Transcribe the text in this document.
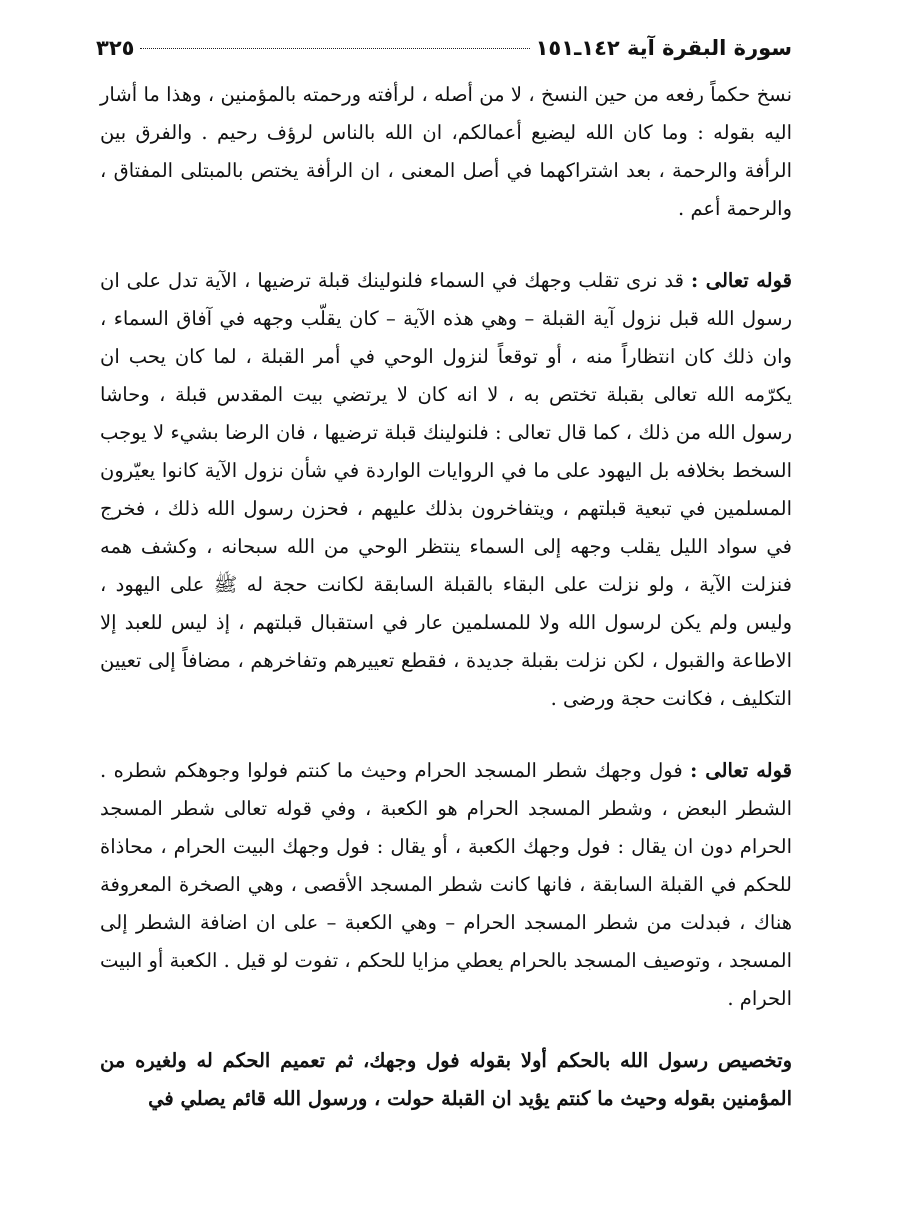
سورة البقرة آية ١٤٢ـ١٥١
٣٢٥

نسخ حكماً رفعه من حين النسخ ، لا من أصله ، لرأفته ورحمته بالمؤمنين ، وهذا ما أشار اليه بقوله : وما كان الله ليضيع أعمالكم، ان الله بالناس لرؤف رحيم . والفرق بين الرأفة والرحمة ، بعد اشتراكهما في أصل المعنى ، ان الرأفة يختص بالمبتلى المفتاق ، والرحمة أعم .

قوله تعالى : قد نرى تقلب وجهك في السماء فلنولينك قبلة ترضيها ، الآية تدل على ان رسول الله قبل نزول آية القبلة – وهي هذه الآية – كان يقلّب وجهه في آفاق السماء ، وان ذلك كان انتظاراً منه ، أو توقعاً لنزول الوحي في أمر القبلة ، لما كان يحب ان يكرّمه الله تعالى بقبلة تختص به ، لا انه كان لا يرتضي بيت المقدس قبلة ، وحاشا رسول الله من ذلك ، كما قال تعالى : فلنولينك قبلة ترضيها ، فان الرضا بشيء لا يوجب السخط بخلافه بل اليهود على ما في الروايات الواردة في شأن نزول الآية كانوا يعيّرون المسلمين في تبعية قبلتهم ، ويتفاخرون بذلك عليهم ، فحزن رسول الله ذلك ، فخرج في سواد الليل يقلب وجهه إلى السماء ينتظر الوحي من الله سبحانه ، وكشف همه فنزلت الآية ، ولو نزلت على البقاء بالقبلة السابقة لكانت حجة له ﷺ على اليهود ، وليس ولم يكن لرسول الله ولا للمسلمين عار في استقبال قبلتهم ، إذ ليس للعبد إلا الاطاعة والقبول ، لكن نزلت بقبلة جديدة ، فقطع تعييرهم وتفاخرهم ، مضافاً إلى تعيين التكليف ، فكانت حجة ورضى .

قوله تعالى : فول وجهك شطر المسجد الحرام وحيث ما كنتم فولوا وجوهكم شطره . الشطر البعض ، وشطر المسجد الحرام هو الكعبة ، وفي قوله تعالى شطر المسجد الحرام دون ان يقال : فول وجهك الكعبة ، أو يقال : فول وجهك البيت الحرام ، محاذاة للحكم في القبلة السابقة ، فانها كانت شطر المسجد الأقصى ، وهي الصخرة المعروفة هناك ، فبدلت من شطر المسجد الحرام – وهي الكعبة – على ان اضافة الشطر إلى المسجد ، وتوصيف المسجد بالحرام يعطي مزايا للحكم ، تفوت لو قيل . الكعبة أو البيت الحرام .

وتخصيص رسول الله بالحكم أولا بقوله فول وجهك، ثم تعميم الحكم له ولغيره من المؤمنين بقوله وحيث ما كنتم يؤيد ان القبلة حولت ، ورسول الله قائم يصلي في
